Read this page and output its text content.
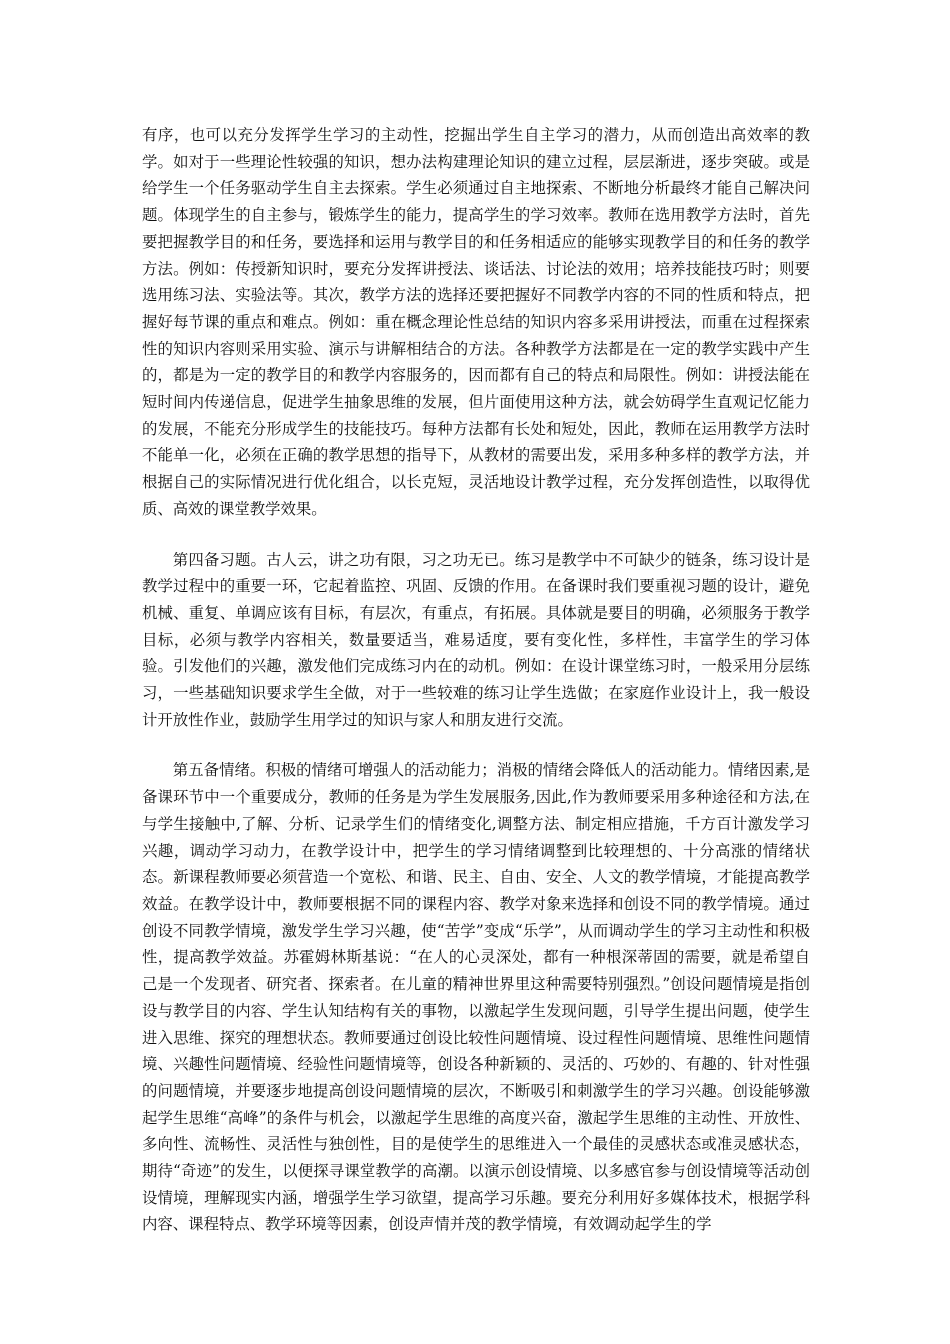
有序，也可以充分发挥学生学习的主动性，挖掘出学生自主学习的潜力，从而创造出高效率的教学。如对于一些理论性较强的知识，想办法构建理论知识的建立过程，层层渐进，逐步突破。或是给学生一个任务驱动学生自主去探索。学生必须通过自主地探索、不断地分析最终才能自己解决问题。体现学生的自主参与，锻炼学生的能力，提高学生的学习效率。教师在选用教学方法时，首先要把握教学目的和任务，要选择和运用与教学目的和任务相适应的能够实现教学目的和任务的教学方法。例如：传授新知识时，要充分发挥讲授法、谈话法、讨论法的效用；培养技能技巧时；则要选用练习法、实验法等。其次，教学方法的选择还要把握好不同教学内容的不同的性质和特点，把握好每节课的重点和难点。例如：重在概念理论性总结的知识内容多采用讲授法，而重在过程探索性的知识内容则采用实验、演示与讲解相结合的方法。各种教学方法都是在一定的教学实践中产生的，都是为一定的教学目的和教学内容服务的，因而都有自己的特点和局限性。例如：讲授法能在短时间内传递信息，促进学生抽象思维的发展，但片面使用这种方法，就会妨碍学生直观记忆能力的发展，不能充分形成学生的技能技巧。每种方法都有长处和短处，因此，教师在运用教学方法时不能单一化，必须在正确的教学思想的指导下，从教材的需要出发，采用多种多样的教学方法，并根据自己的实际情况进行优化组合，以长克短，灵活地设计教学过程，充分发挥创造性，以取得优质、高效的课堂教学效果。

第四备习题。古人云，讲之功有限，习之功无已。练习是教学中不可缺少的链条，练习设计是教学过程中的重要一环，它起着监控、巩固、反馈的作用。在备课时我们要重视习题的设计，避免机械、重复、单调应该有目标，有层次，有重点，有拓展。具体就是要目的明确，必须服务于教学目标，必须与教学内容相关，数量要适当，难易适度，要有变化性，多样性，丰富学生的学习体验。引发他们的兴趣，激发他们完成练习内在的动机。例如：在设计课堂练习时，一般采用分层练习，一些基础知识要求学生全做，对于一些较难的练习让学生选做；在家庭作业设计上，我一般设计开放性作业，鼓励学生用学过的知识与家人和朋友进行交流。

第五备情绪。积极的情绪可增强人的活动能力；消极的情绪会降低人的活动能力。情绪因素,是备课环节中一个重要成分，教师的任务是为学生发展服务,因此,作为教师要采用多种途径和方法,在与学生接触中,了解、分析、记录学生们的情绪变化,调整方法、制定相应措施，千方百计激发学习兴趣，调动学习动力，在教学设计中，把学生的学习情绪调整到比较理想的、十分高涨的情绪状态。新课程教师要必须营造一个宽松、和谐、民主、自由、安全、人文的教学情境，才能提高教学效益。在教学设计中，教师要根据不同的课程内容、教学对象来选择和创设不同的教学情境。通过创设不同教学情境，激发学生学习兴趣，使“苦学”变成“乐学”，从而调动学生的学习主动性和积极性，提高教学效益。苏霍姆林斯基说：“在人的心灵深处，都有一种根深蒂固的需要，就是希望自己是一个发现者、研究者、探索者。在儿童的精神世界里这种需要特别强烈。”创设问题情境是指创设与教学目的内容、学生认知结构有关的事物，以激起学生发现问题，引导学生提出问题，使学生进入思维、探究的理想状态。教师要通过创设比较性问题情境、设过程性问题情境、思维性问题情境、兴趣性问题情境、经验性问题情境等，创设各种新颖的、灵活的、巧妙的、有趣的、针对性强的问题情境，并要逐步地提高创设问题情境的层次，不断吸引和刺激学生的学习兴趣。创设能够激起学生思维“高峰”的条件与机会，以激起学生思维的高度兴奋，激起学生思维的主动性、开放性、多向性、流畅性、灵活性与独创性，目的是使学生的思维进入一个最佳的灵感状态或准灵感状态，期待“奇迹”的发生，以便探寻课堂教学的高潮。以演示创设情境、以多感官参与创设情境等活动创设情境，理解现实内涵，增强学生学习欲望，提高学习乐趣。要充分利用好多媒体技术，根据学科内容、课程特点、教学环境等因素，创设声情并茂的教学情境，有效调动起学生的学
